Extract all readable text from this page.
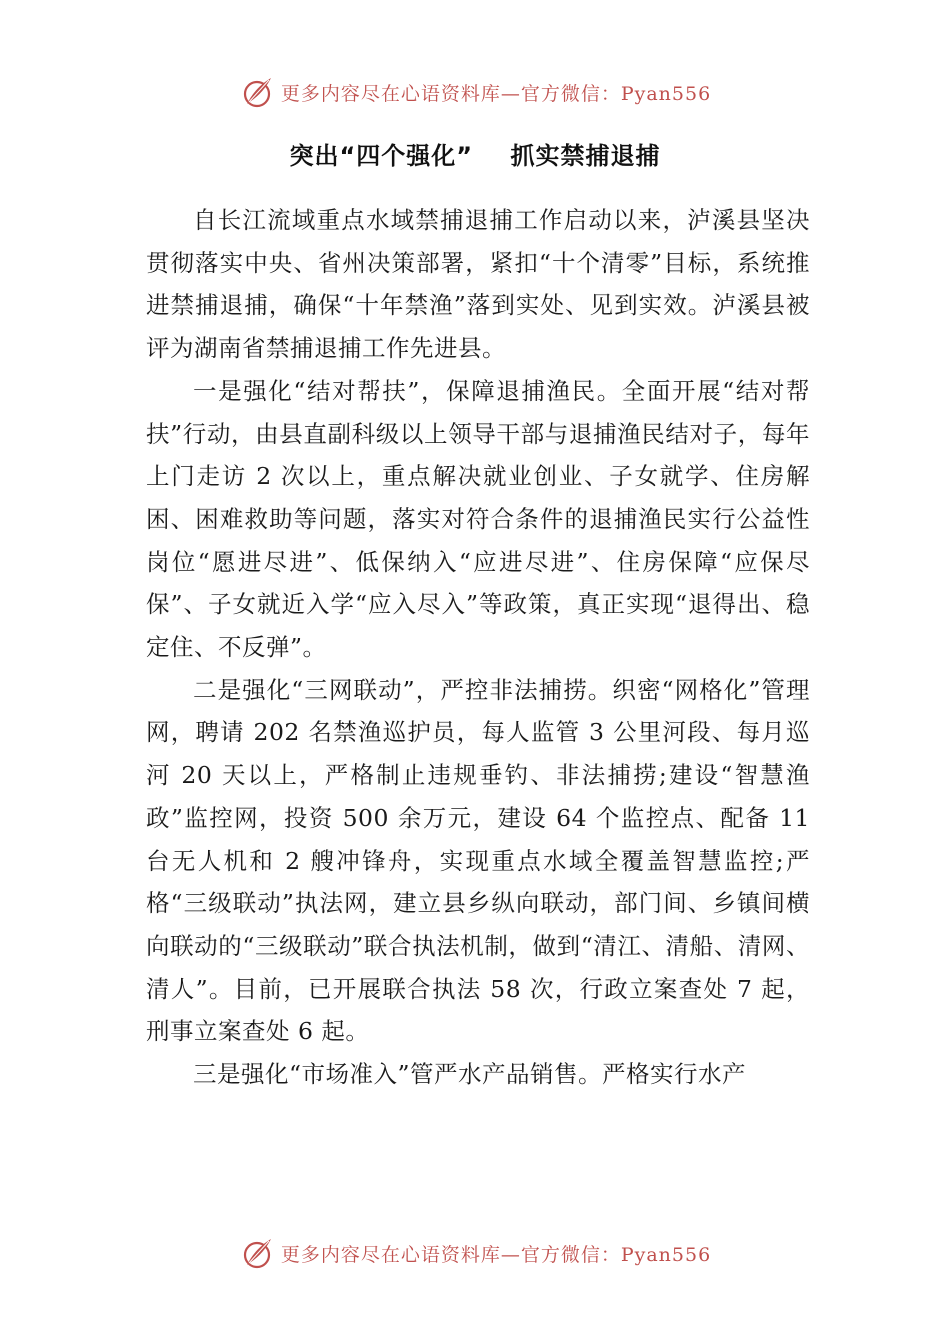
更多内容尽在心语资料库—官方微信：Pyan556
突出“四个强化”    抓实禁捕退捕

自长江流域重点水域禁捕退捕工作启动以来，泸溪县坚决贯彻落实中央、省州决策部署，紧扣“十个清零”目标，系统推进禁捕退捕，确保“十年禁渔”落到实处、见到实效。泸溪县被评为湖南省禁捕退捕工作先进县。

一是强化“结对帮扶”，保障退捕渔民。全面开展“结对帮扶”行动，由县直副科级以上领导干部与退捕渔民结对子，每年上门走访 2 次以上，重点解决就业创业、子女就学、住房解困、困难救助等问题，落实对符合条件的退捕渔民实行公益性岗位“愿进尽进”、低保纳入“应进尽进”、住房保障“应保尽保”、子女就近入学“应入尽入”等政策，真正实现“退得出、稳定住、不反弹”。

二是强化“三网联动”，严控非法捕捞。织密“网格化”管理网，聘请 202 名禁渔巡护员，每人监管 3 公里河段、每月巡河 20 天以上，严格制止违规垂钓、非法捕捞;建设“智慧渔政”监控网，投资 500 余万元，建设 64 个监控点、配备 11 台无人机和 2 艘冲锋舟，实现重点水域全覆盖智慧监控;严格“三级联动”执法网，建立县乡纵向联动，部门间、乡镇间横向联动的“三级联动”联合执法机制，做到“清江、清船、清网、清人”。目前，已开展联合执法 58 次，行政立案查处 7 起，刑事立案查处 6 起。

三是强化“市场准入”管严水产品销售。严格实行水产

更多内容尽在心语资料库—官方微信：Pyan556
